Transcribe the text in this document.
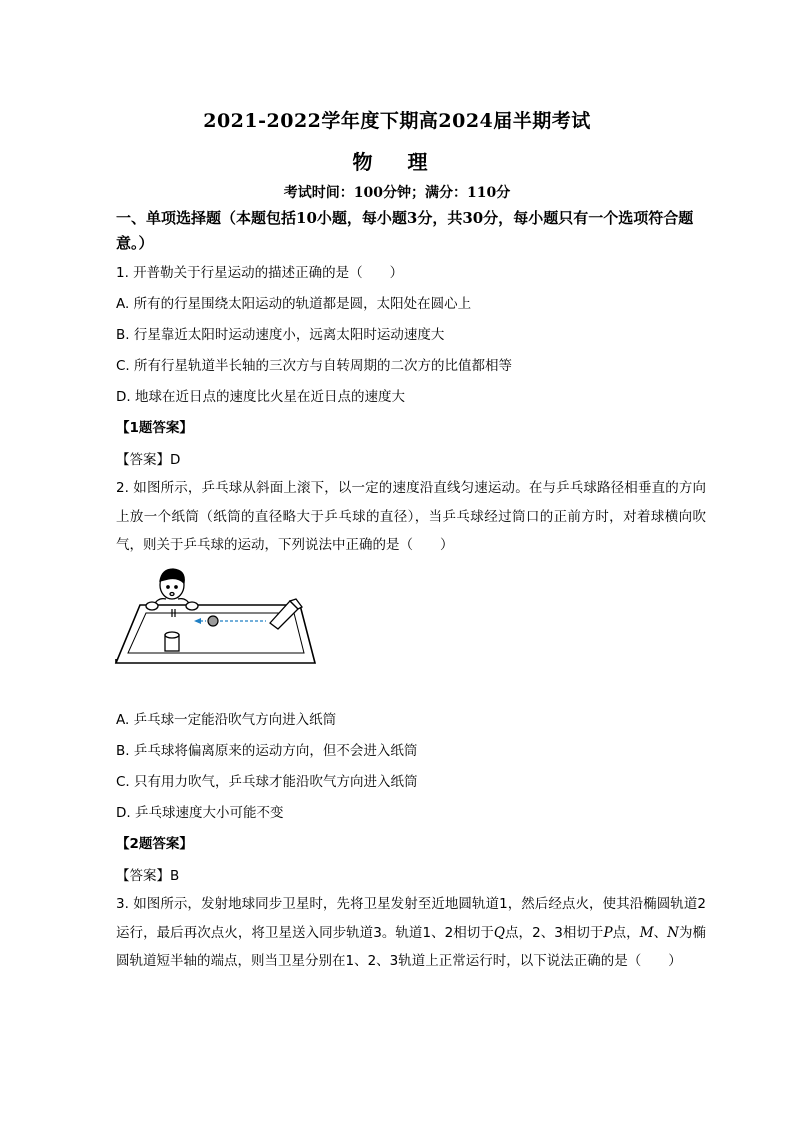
2021-2022学年度下期高2024届半期考试
物 理
考试时间：100分钟；满分：110分
一、单项选择题（本题包括10小题，每小题3分，共30分，每小题只有一个选项符合题意。）
1. 开普勒关于行星运动的描述正确的是（　　）
A. 所有的行星围绕太阳运动的轨道都是圆，太阳处在圆心上
B. 行星靠近太阳时运动速度小，远离太阳时运动速度大
C. 所有行星轨道半长轴的三次方与自转周期的二次方的比值都相等
D. 地球在近日点的速度比火星在近日点的速度大
【1题答案】
【答案】D
2. 如图所示，乒乓球从斜面上滚下，以一定的速度沿直线匀速运动。在与乒乓球路径相垂直的方向上放一个纸筒（纸筒的直径略大于乒乓球的直径），当乒乓球经过筒口的正前方时，对着球横向吹气，则关于乒乓球的运动，下列说法中正确的是（　　）
A. 乒乓球一定能沿吹气方向进入纸筒
B. 乒乓球将偏离原来的运动方向，但不会进入纸筒
C. 只有用力吹气，乒乓球才能沿吹气方向进入纸筒
D. 乒乓球速度大小可能不变
【2题答案】
【答案】B
3. 如图所示，发射地球同步卫星时，先将卫星发射至近地圆轨道1，然后经点火，使其沿椭圆轨道2运行，最后再次点火，将卫星送入同步轨道3。轨道1、2相切于Q点，2、3相切于P点，M、N为椭圆轨道短半轴的端点，则当卫星分别在1、2、3轨道上正常运行时，以下说法正确的是（　　）
